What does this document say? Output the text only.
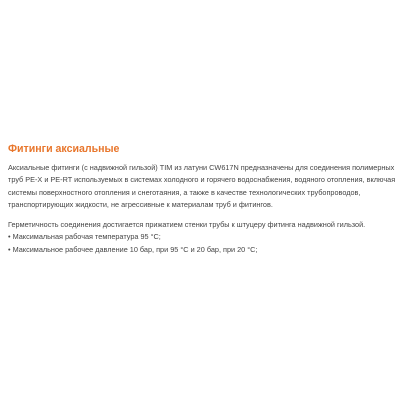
Фитинги аксиальные

Аксиальные фитинги (с надвижной гильзой) TIM из латуни CW617N предназначены для соединения полимерных
труб PE-X и PE-RT используемых в системах холодного и горячего водоснабжения, водяного отопления, включая
системы поверхностного отопления и снеготаяния, а также в качестве технологических трубопроводов,
транспортирующих жидкости, не агрессивные к материалам труб и фитингов.

Герметичность соединения достигается прижатием стенки трубы к штуцеру фитинга надвижной гильзой.

• Максимальная рабочая температура 95 °С;
• Максимальное рабочее давление 10 бар, при 95 °С и 20 бар, при 20 °С;
